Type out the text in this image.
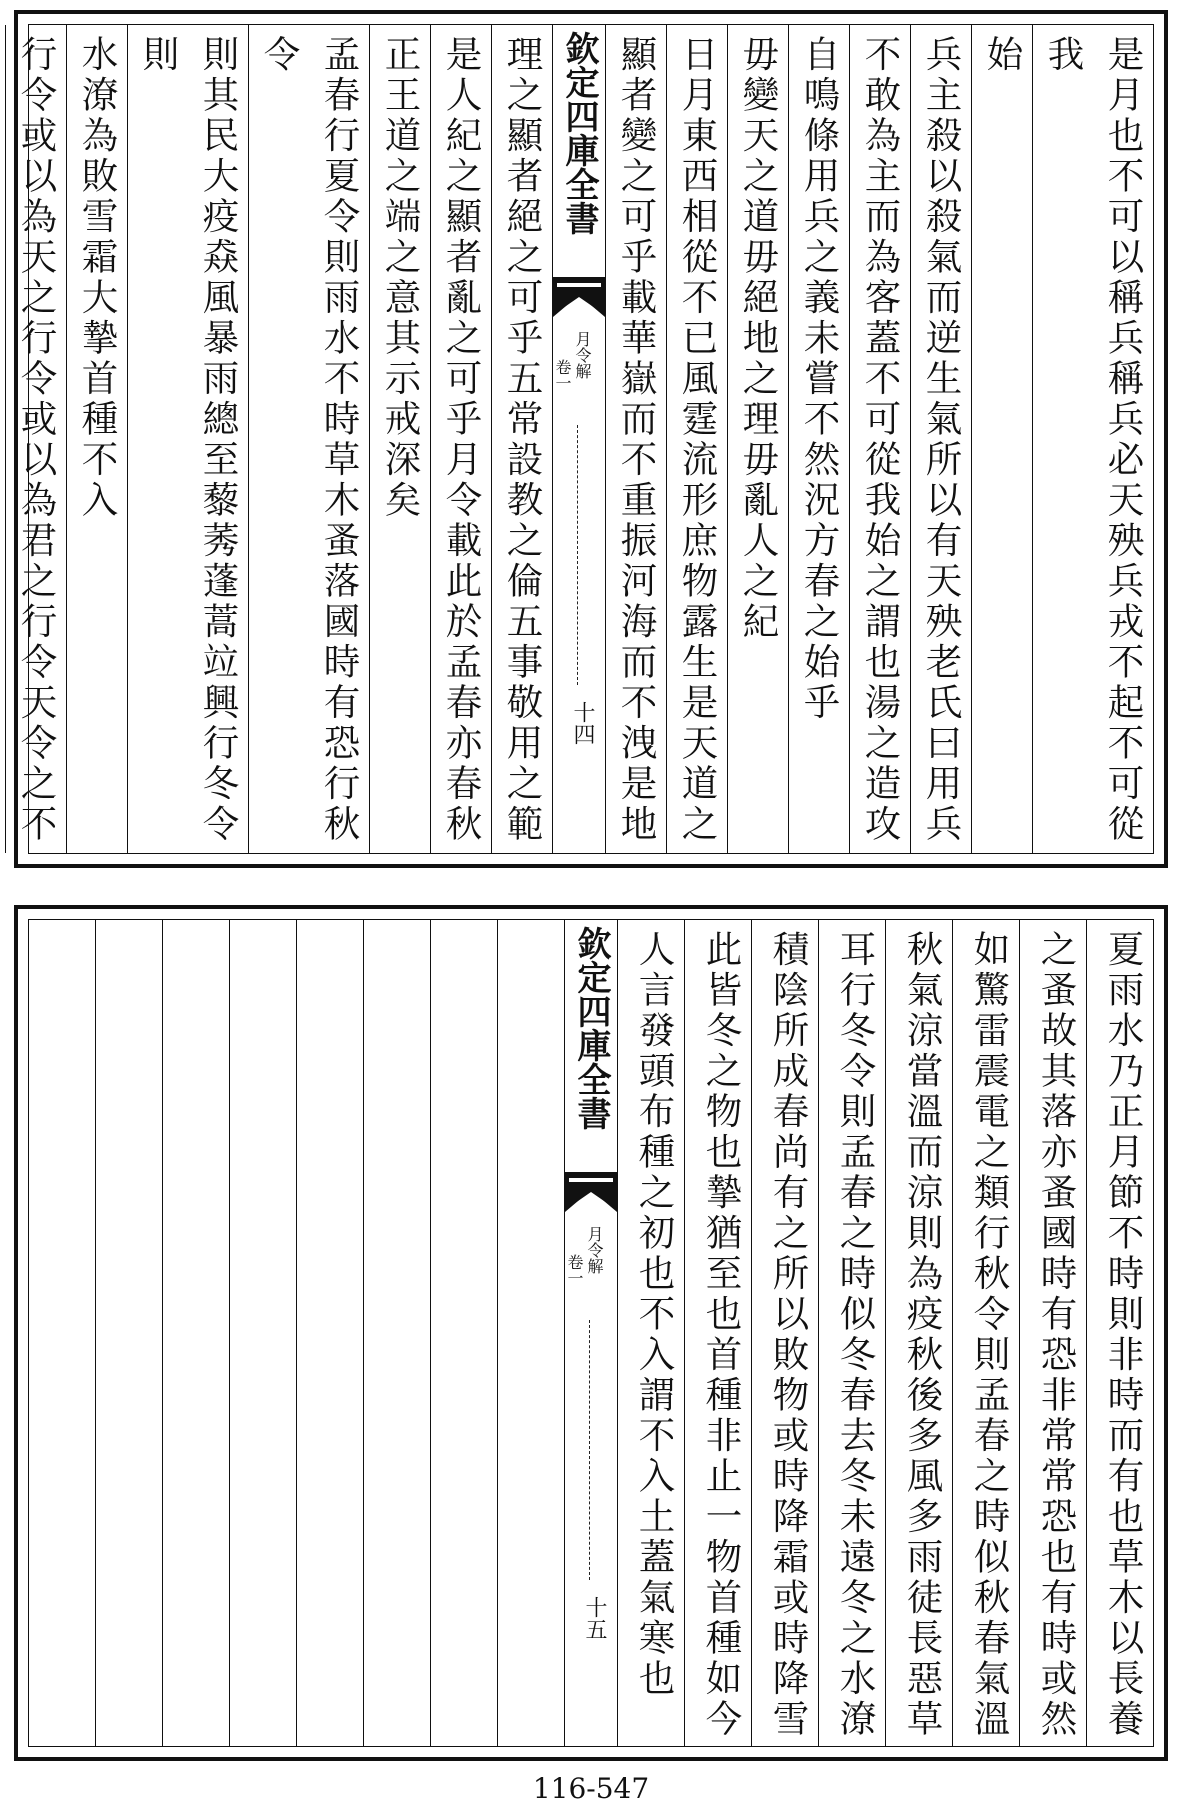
是月也不可以稱兵稱兵必天殃兵戎不起不可從我
始
兵主殺以殺氣而逆生氣所以有天殃老氏曰用兵
不敢為主而為客蓋不可從我始之謂也湯之造攻
自鳴條用兵之義未嘗不然況方春之始乎
毋變天之道毋絕地之理毋亂人之紀
日月東西相從不已風霆流形庶物露生是天道之
顯者變之可乎載華嶽而不重振河海而不洩是地
欽定四庫全書
月令解
卷一
十四
理之顯者絕之可乎五常設教之倫五事敬用之範
是人紀之顯者亂之可乎月令載此於孟春亦春秋
正王道之端之意其示戒深矣
孟春行夏令則雨水不時草木蚤落國時有恐行秋令
則其民大疫猋風暴雨總至藜莠蓬蒿竝興行冬令則
水潦為敗雪霜大摯首種不入
行令或以為天之行令或以為君之行令天令之不
夏雨水乃正月節不時則非時而有也草木以長養
之蚤故其落亦蚤國時有恐非常常恐也有時或然
如驚雷震電之類行秋令則孟春之時似秋春氣溫
秋氣涼當溫而涼則為疫秋後多風多雨徒長惡草
耳行冬令則孟春之時似冬春去冬未遠冬之水潦
積陰所成春尚有之所以敗物或時降霜或時降雪
此皆冬之物也摯猶至也首種非止一物首種如今
人言發頭布種之初也不入謂不入土蓋氣寒也
欽定四庫全書
月令解
卷一
十五
116-547
